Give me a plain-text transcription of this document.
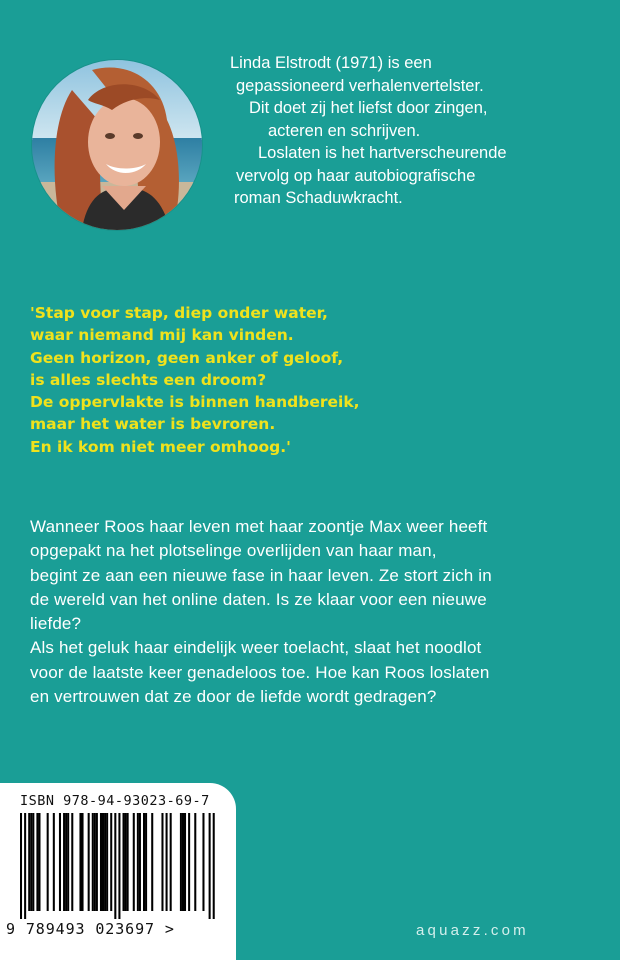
Linda Elstrodt (1971) is een
gepassioneerd verhalenvertelster.
Dit doet zij het liefst door zingen,
acteren en schrijven.
Loslaten is het hartverscheurende
vervolg op haar autobiografische
roman Schaduwkracht.
'Stap voor stap, diep onder water,
waar niemand mij kan vinden.
Geen horizon, geen anker of geloof,
is alles slechts een droom?
De oppervlakte is binnen handbereik,
maar het water is bevroren.
En ik kom niet meer omhoog.'
Wanneer Roos haar leven met haar zoontje Max weer heeft
opgepakt na het plotselinge overlijden van haar man,
begint ze aan een nieuwe fase in haar leven. Ze stort zich in
de wereld van het online daten. Is ze klaar voor een nieuwe
liefde?
Als het geluk haar eindelijk weer toelacht, slaat het noodlot
voor de laatste keer genadeloos toe. Hoe kan Roos loslaten
en vertrouwen dat ze door de liefde wordt gedragen?
ISBN 978-94-93023-69-7
9 789493 023697 >	aquazz.com
